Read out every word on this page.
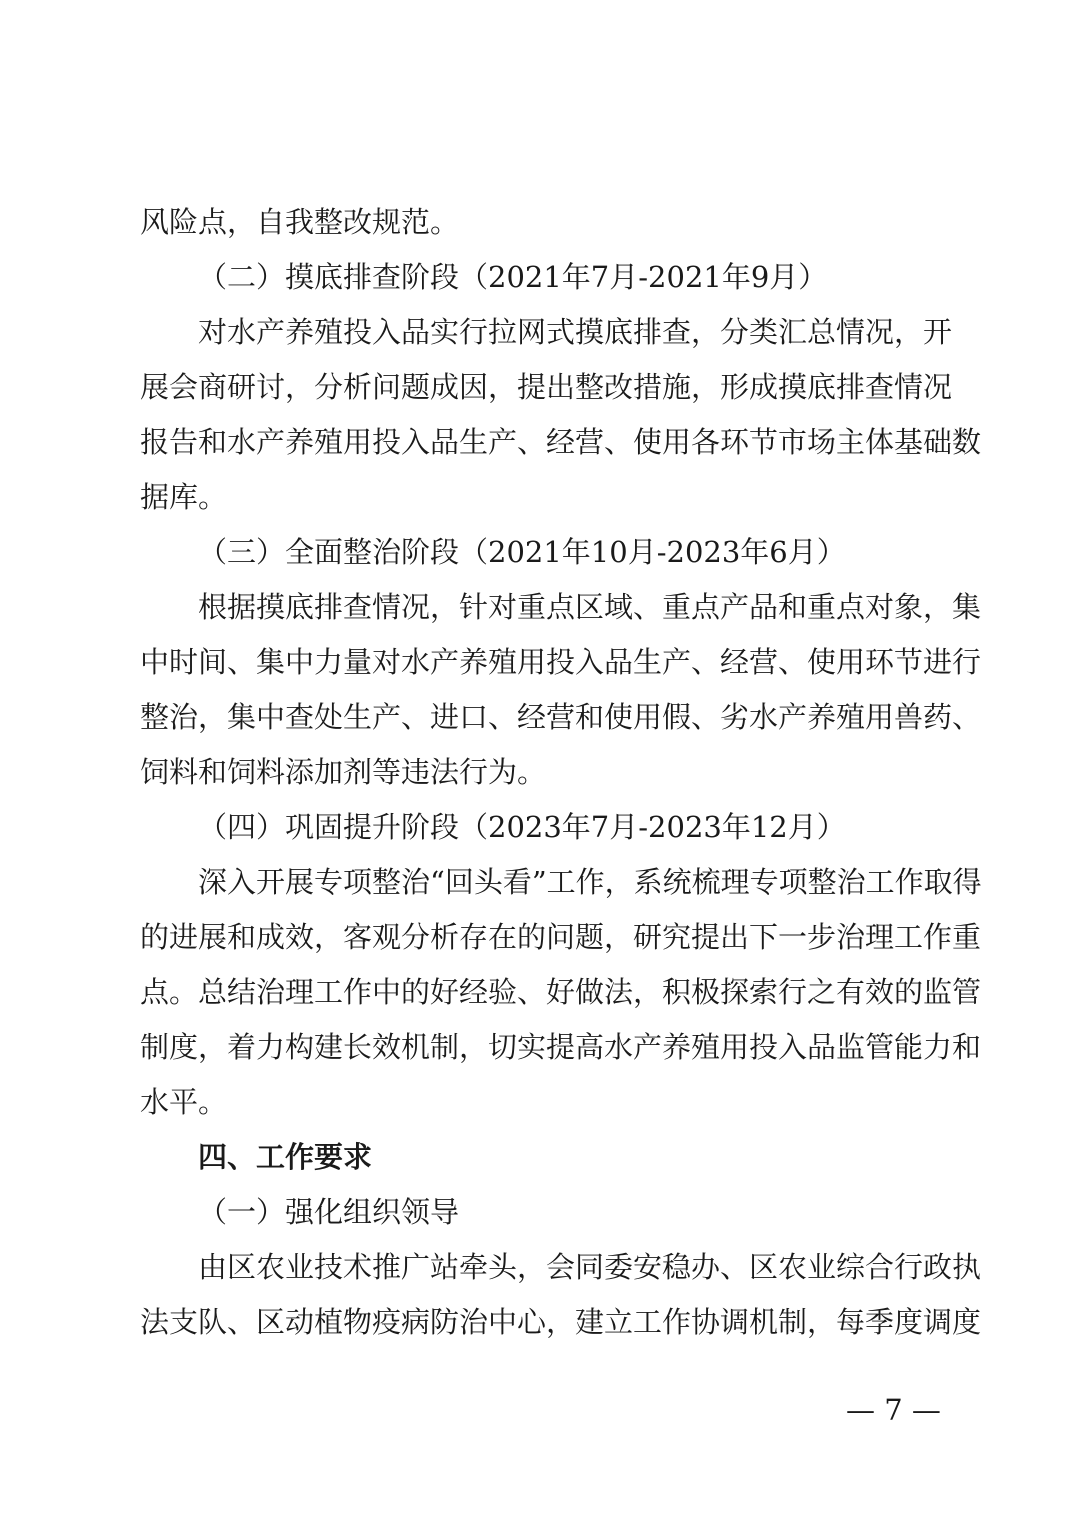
风险点，自我整改规范。
（二）摸底排查阶段（2021年7月-2021年9月）
对水产养殖投入品实行拉网式摸底排查，分类汇总情况，开
展会商研讨，分析问题成因，提出整改措施，形成摸底排查情况
报告和水产养殖用投入品生产、经营、使用各环节市场主体基础数
据库。
（三）全面整治阶段（2021年10月-2023年6月）
根据摸底排查情况，针对重点区域、重点产品和重点对象，集
中时间、集中力量对水产养殖用投入品生产、经营、使用环节进行
整治，集中查处生产、进口、经营和使用假、劣水产养殖用兽药、
饲料和饲料添加剂等违法行为。
（四）巩固提升阶段（2023年7月-2023年12月）
深入开展专项整治“回头看”工作，系统梳理专项整治工作取得
的进展和成效，客观分析存在的问题，研究提出下一步治理工作重
点。总结治理工作中的好经验、好做法，积极探索行之有效的监管
制度，着力构建长效机制，切实提高水产养殖用投入品监管能力和
水平。
四、工作要求
（一）强化组织领导
由区农业技术推广站牵头，会同委安稳办、区农业综合行政执
法支队、区动植物疫病防治中心，建立工作协调机制，每季度调度
— 7 —
